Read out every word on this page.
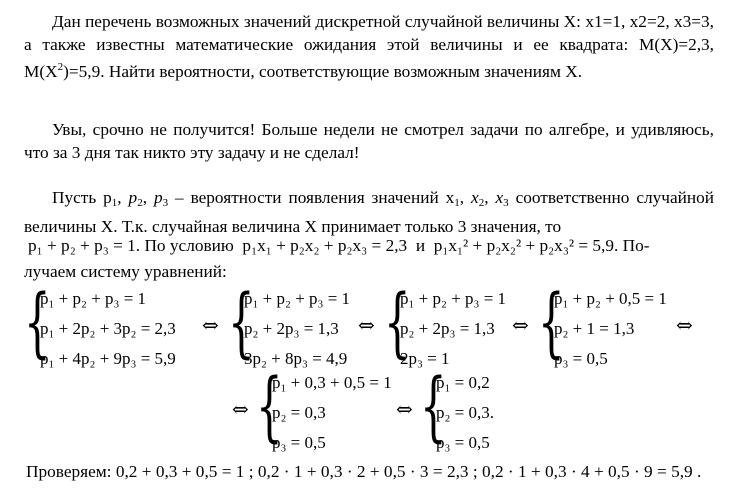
Дан перечень возможных значений дискретной случайной величины X: x1=1, x2=2, x3=3, а также известны математические ожидания этой величины и ее квадрата: M(X)=2,3, $M(X^2)=5,9$. Найти вероятности, соответствующие возможным значениям X.

Увы, срочно не получится! Больше недели не смотрел задачи по алгебре, и удивляюсь, что за 3 дня так никто эту задачу и не сделал!

Пусть $p_1$, $p_2$, $p_3$ – вероятности появления значений $x_1$, $x_2$, $x_3$ соответственно случайной величины X. Т.к. случайная величина X принимает только 3 значения, то

p₁ + p₂ + p₃ = 1. По условию p₁x₁ + p₂x₂ + p₂x₃ = 2,3 и p₁x₁² + p₂x₂² + p₂x₃² = 5,9. По-
лучаем систему уравнений:
{
p₁ + p₂ + p₃ = 1
p₁ + 2p₂ + 3p₂ = 2,3
p₁ + 4p₂ + 9p₃ = 5,9
⇔ {
p₁ + p₂ + p₃ = 1
p₂ + 2p₃ = 1,3
3p₂ + 8p₃ = 4,9
⇔ {
p₁ + p₂ + p₃ = 1
p₂ + 2p₃ = 1,3
2p₃ = 1
⇔ {
p₁ + p₂ + 0,5 = 1
p₂ + 1 = 1,3
p₃ = 0,5
⇔
⇔ {
p₁ + 0,3 + 0,5 = 1
p₂ = 0,3
p₃ = 0,5
⇔ {
p₁ = 0,2
p₂ = 0,3.
p₃ = 0,5
Проверяем: 0,2 + 0,3 + 0,5 = 1 ; 0,2 · 1 + 0,3 · 2 + 0,5 · 3 = 2,3 ; 0,2 · 1 + 0,3 · 4 + 0,5 · 9 = 5,9 .
